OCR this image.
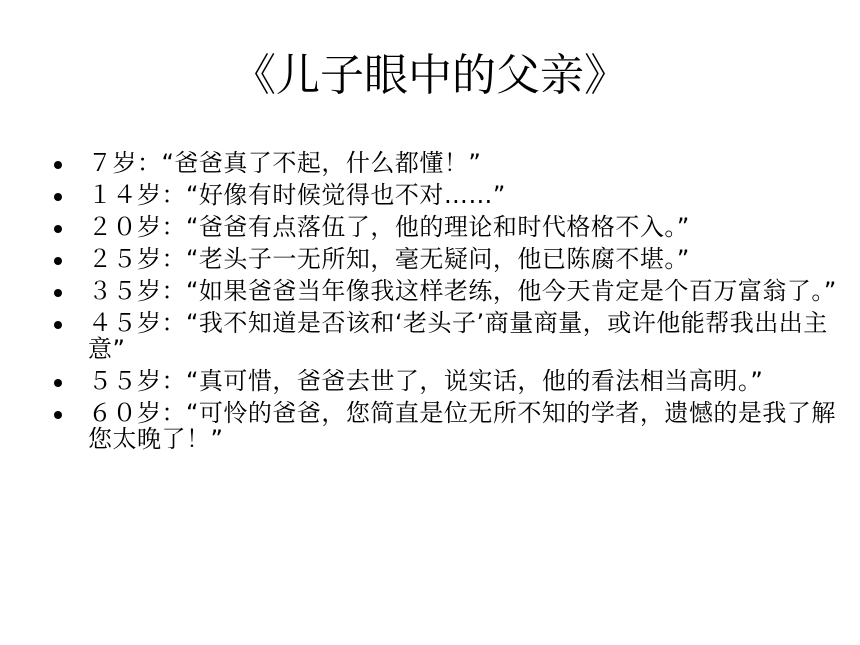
《儿子眼中的父亲》
７岁：“爸爸真了不起，什么都懂！”
１４岁：“好像有时候觉得也不对……”
２０岁：“爸爸有点落伍了，他的理论和时代格格不入。”
２５岁：“老头子一无所知，毫无疑问，他已陈腐不堪。”
３５岁：“如果爸爸当年像我这样老练，他今天肯定是个百万富翁了。”
４５岁：“我不知道是否该和‘老头子’商量商量，或许他能帮我出出主意”
５５岁：“真可惜，爸爸去世了，说实话，他的看法相当高明。”
６０岁：“可怜的爸爸，您简直是位无所不知的学者，遗憾的是我了解您太晚了！”
